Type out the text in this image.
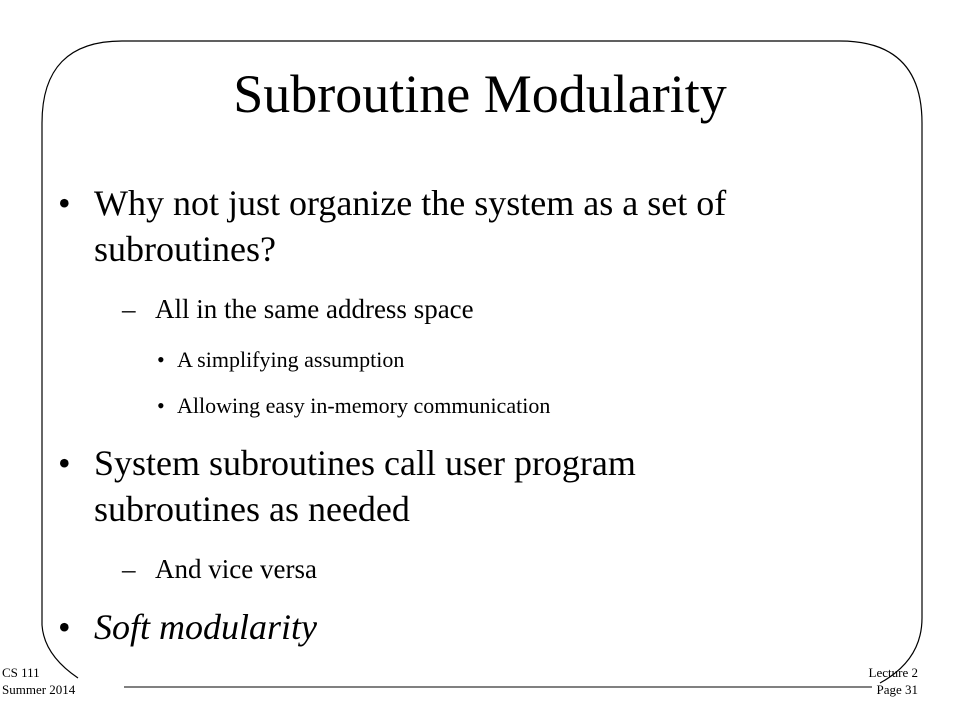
Subroutine Modularity
• Why not just organize the system as a set of
subroutines?
– All in the same address space
• A simplifying assumption
• Allowing easy in-memory communication
• System subroutines call user program
subroutines as needed
– And vice versa
• Soft modularity
CS 111
Summer 2014
Lecture 2
Page 31
